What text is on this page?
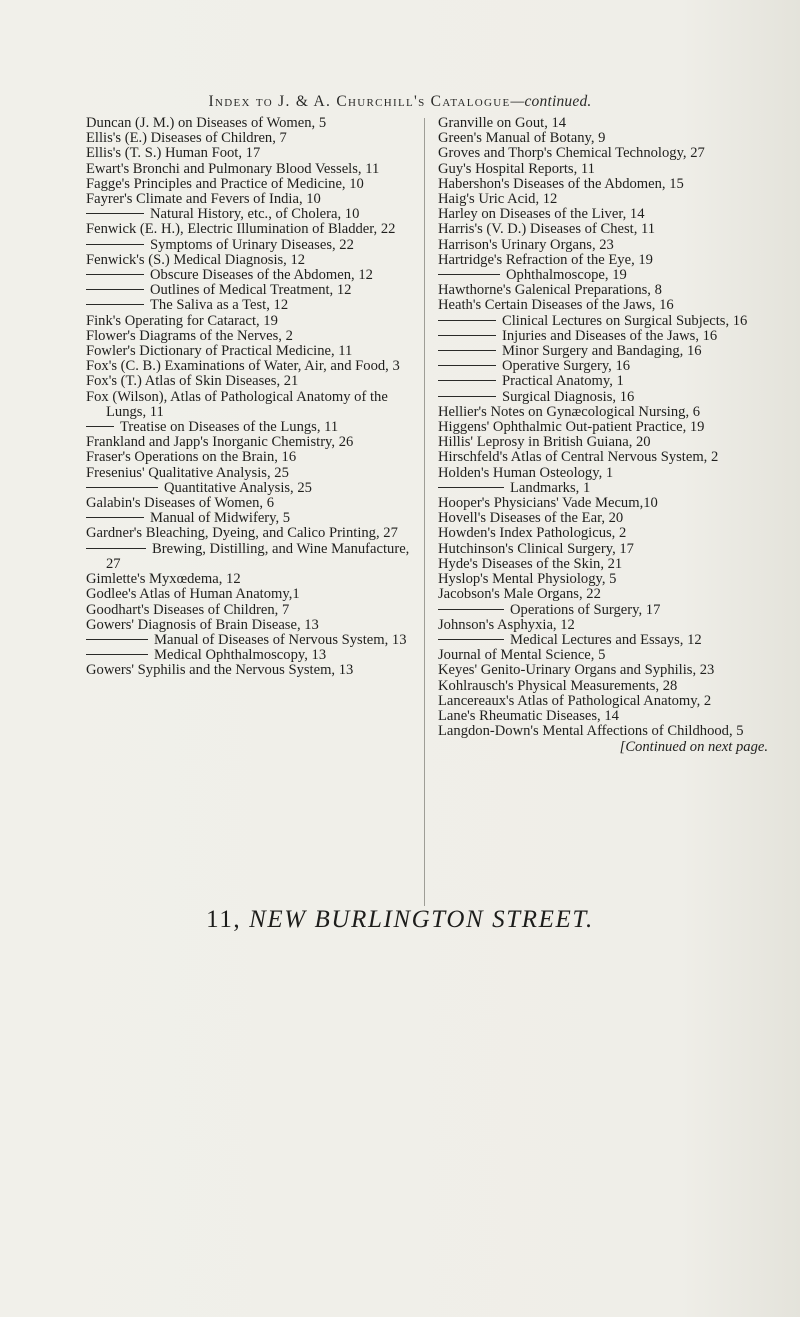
Index to J. & A. Churchill's Catalogue—continued.
Duncan (J. M.) on Diseases of Women, 5
Ellis's (E.) Diseases of Children, 7
Ellis's (T. S.) Human Foot, 17
Ewart's Bronchi and Pulmonary Blood Vessels, 11
Fagge's Principles and Practice of Medicine, 10
Fayrer's Climate and Fevers of India, 10
Natural History, etc., of Cholera, 10
Fenwick (E. H.), Electric Illumination of Bladder, 22
Symptoms of Urinary Diseases, 22
Fenwick's (S.) Medical Diagnosis, 12
Obscure Diseases of the Abdomen, 12
Outlines of Medical Treatment, 12
The Saliva as a Test, 12
Fink's Operating for Cataract, 19
Flower's Diagrams of the Nerves, 2
Fowler's Dictionary of Practical Medicine, 11
Fox's (C. B.) Examinations of Water, Air, and Food, 3
Fox's (T.) Atlas of Skin Diseases, 21
Fox (Wilson), Atlas of Pathological Anatomy of the Lungs, 11
Treatise on Diseases of the Lungs, 11
Frankland and Japp's Inorganic Chemistry, 26
Fraser's Operations on the Brain, 16
Fresenius' Qualitative Analysis, 25
Quantitative Analysis, 25
Galabin's Diseases of Women, 6
Manual of Midwifery, 5
Gardner's Bleaching, Dyeing, and Calico Printing, 27
Brewing, Distilling, and Wine Manufacture, 27
Gimlette's Myxœdema, 12
Godlee's Atlas of Human Anatomy,1
Goodhart's Diseases of Children, 7
Gowers' Diagnosis of Brain Disease, 13
Manual of Diseases of Nervous System, 13
Medical Ophthalmoscopy, 13
Gowers' Syphilis and the Nervous System, 13
Granville on Gout, 14
Green's Manual of Botany, 9
Groves and Thorp's Chemical Technology, 27
Guy's Hospital Reports, 11
Habershon's Diseases of the Abdomen, 15
Haig's Uric Acid, 12
Harley on Diseases of the Liver, 14
Harris's (V. D.) Diseases of Chest, 11
Harrison's Urinary Organs, 23
Hartridge's Refraction of the Eye, 19
Ophthalmoscope, 19
Hawthorne's Galenical Preparations, 8
Heath's Certain Diseases of the Jaws, 16
Clinical Lectures on Surgical Subjects, 16
Injuries and Diseases of the Jaws, 16
Minor Surgery and Bandaging, 16
Operative Surgery, 16
Practical Anatomy, 1
Surgical Diagnosis, 16
Hellier's Notes on Gynæcological Nursing, 6
Higgens' Ophthalmic Out-patient Practice, 19
Hillis' Leprosy in British Guiana, 20
Hirschfeld's Atlas of Central Nervous System, 2
Holden's Human Osteology, 1
Landmarks, 1
Hooper's Physicians' Vade Mecum,10
Hovell's Diseases of the Ear, 20
Howden's Index Pathologicus, 2
Hutchinson's Clinical Surgery, 17
Hyde's Diseases of the Skin, 21
Hyslop's Mental Physiology, 5
Jacobson's Male Organs, 22
Operations of Surgery, 17
Johnson's Asphyxia, 12
Medical Lectures and Essays, 12
Journal of Mental Science, 5
Keyes' Genito-Urinary Organs and Syphilis, 23
Kohlrausch's Physical Measurements, 28
Lancereaux's Atlas of Pathological Anatomy, 2
Lane's Rheumatic Diseases, 14
Langdon-Down's Mental Affections of Childhood, 5
[Continued on next page.
11, NEW BURLINGTON STREET.
